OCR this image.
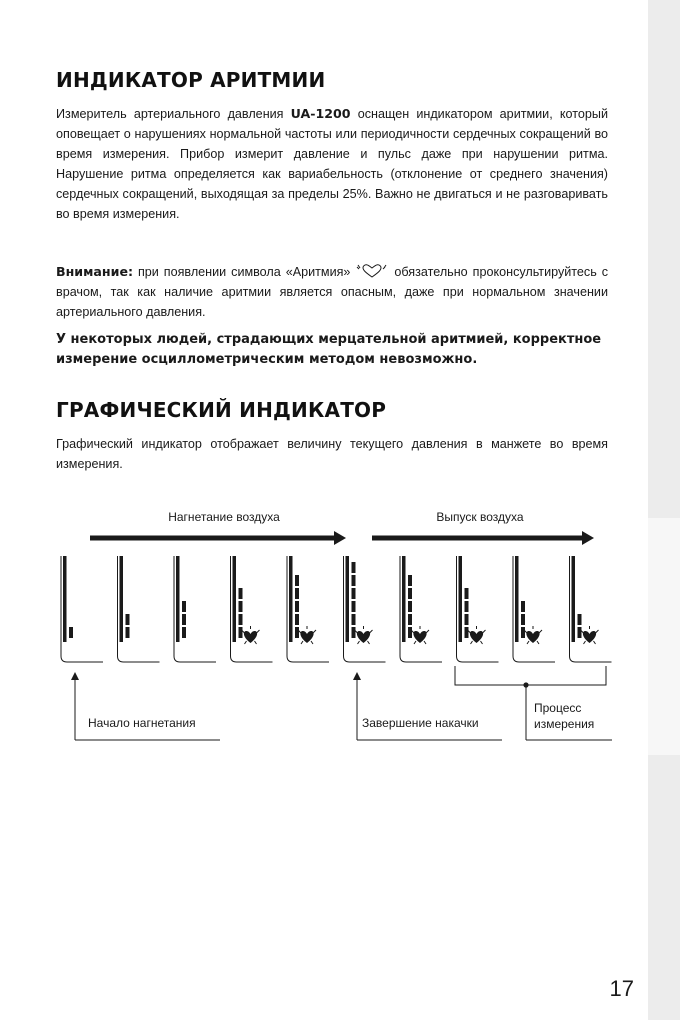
ИНДИКАТОР АРИТМИИ

Измеритель артериального давления UA-1200 оснащен индикатором аритмии, который оповещает о нарушениях нормальной частоты или периодичности сердечных сокращений во время измерения. Прибор измерит давление и пульс даже при нарушении ритма. Нарушение ритма определяется как вариабельность (отклонение от среднего значения) сердечных сокращений, выходящая за пределы 25%. Важно не двигаться и не разговаривать во время измерения.

Внимание: при появлении символа «Аритмия»	обязательно проконсультируйтесь с врачом, так как наличие аритмии является опасным, даже при нормальном значении артериального давления.

У некоторых людей, страдающих мерцательной аритмией, корректное измерение осциллометрическим методом невозможно.

ГРАФИЧЕСКИЙ ИНДИКАТОР

Графический индикатор отображает величину текущего давления в манжете во время измерения.

Нагнетание воздуха	Выпуск воздуха
Начало нагнетания	Завершение накачки
Процесс
измерения
17
